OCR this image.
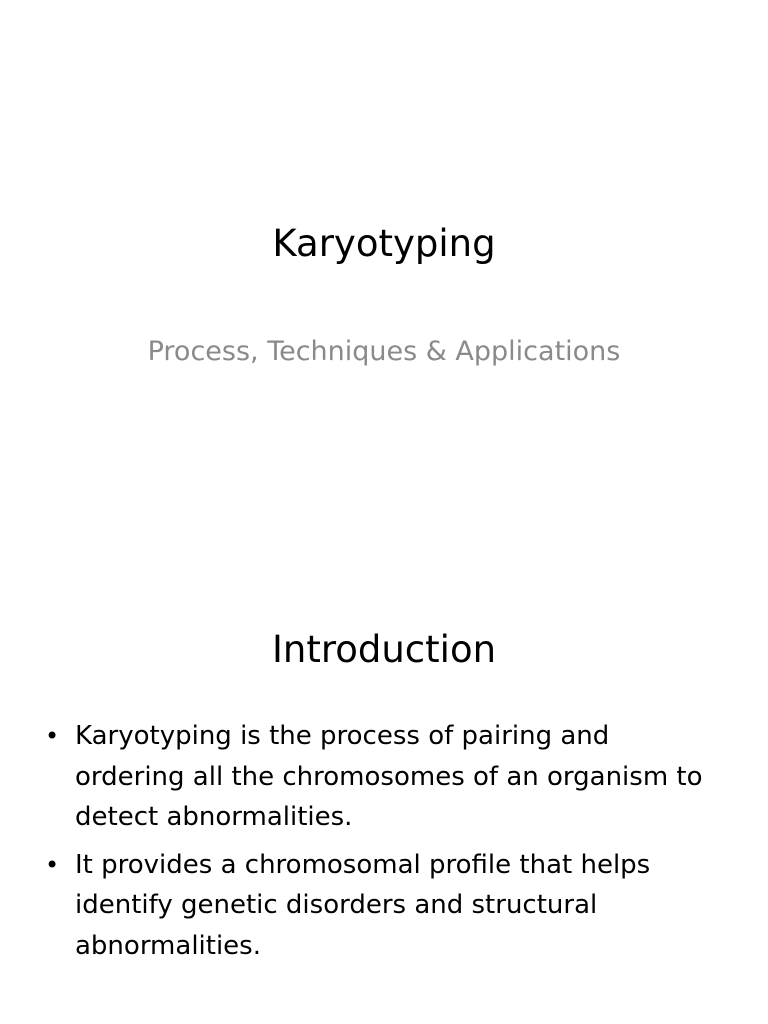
Karyotyping
Process, Techniques & Applications
Introduction
• Karyotyping is the process of pairing and ordering all the chromosomes of an organism to detect abnormalities.
• It provides a chromosomal profile that helps identify genetic disorders and structural abnormalities.
